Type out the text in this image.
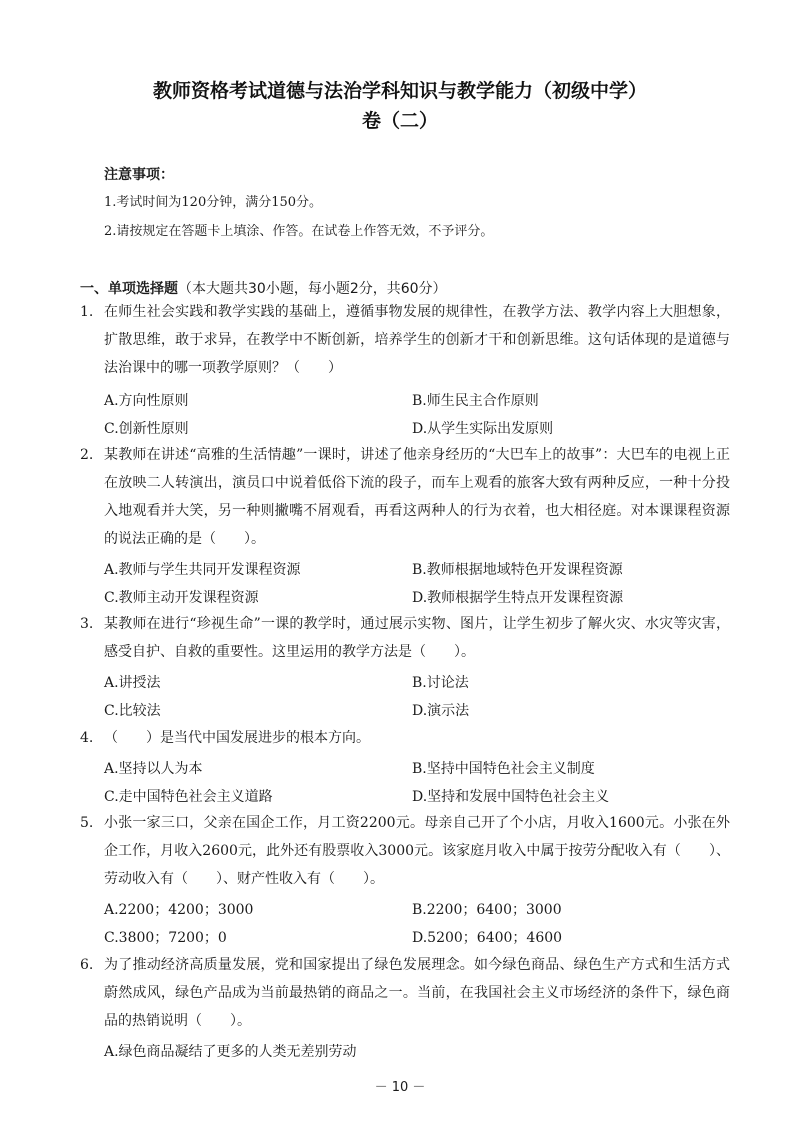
教师资格考试道德与法治学科知识与教学能力（初级中学）
卷（二）
注意事项：
1.考试时间为120分钟，满分150分。
2.请按规定在答题卡上填涂、作答。在试卷上作答无效，不予评分。
一、单项选择题（本大题共30小题，每小题2分，共60分）
1. 在师生社会实践和教学实践的基础上，遵循事物发展的规律性，在教学方法、教学内容上大胆想象，扩散思维，敢于求异，在教学中不断创新，培养学生的创新才干和创新思维。这句话体现的是道德与法治课中的哪一项教学原则？（　　）
A.方向性原则	B.师生民主合作原则
C.创新性原则	D.从学生实际出发原则
2. 某教师在讲述“高雅的生活情趣”一课时，讲述了他亲身经历的“大巴车上的故事”：大巴车的电视上正在放映二人转演出，演员口中说着低俗下流的段子，而车上观看的旅客大致有两种反应，一种十分投入地观看并大笑，另一种则撇嘴不屑观看，再看这两种人的行为衣着，也大相径庭。对本课课程资源的说法正确的是（　　）。
A.教师与学生共同开发课程资源	B.教师根据地域特色开发课程资源
C.教师主动开发课程资源	D.教师根据学生特点开发课程资源
3. 某教师在进行“珍视生命”一课的教学时，通过展示实物、图片，让学生初步了解火灾、水灾等灾害，感受自护、自救的重要性。这里运用的教学方法是（　　）。
A.讲授法	B.讨论法
C.比较法	D.演示法
4. （　　）是当代中国发展进步的根本方向。
A.坚持以人为本	B.坚持中国特色社会主义制度
C.走中国特色社会主义道路	D.坚持和发展中国特色社会主义
5. 小张一家三口，父亲在国企工作，月工资2200元。母亲自己开了个小店，月收入1600元。小张在外企工作，月收入2600元，此外还有股票收入3000元。该家庭月收入中属于按劳分配收入有（　　）、劳动收入有（　　）、财产性收入有（　　）。
A.2200；4200；3000	B.2200；6400；3000
C.3800；7200；0	D.5200；6400；4600
6. 为了推动经济高质量发展，党和国家提出了绿色发展理念。如今绿色商品、绿色生产方式和生活方式蔚然成风，绿色产品成为当前最热销的商品之一。当前，在我国社会主义市场经济的条件下，绿色商品的热销说明（　　）。
A.绿色商品凝结了更多的人类无差别劳动
－ 10 －
